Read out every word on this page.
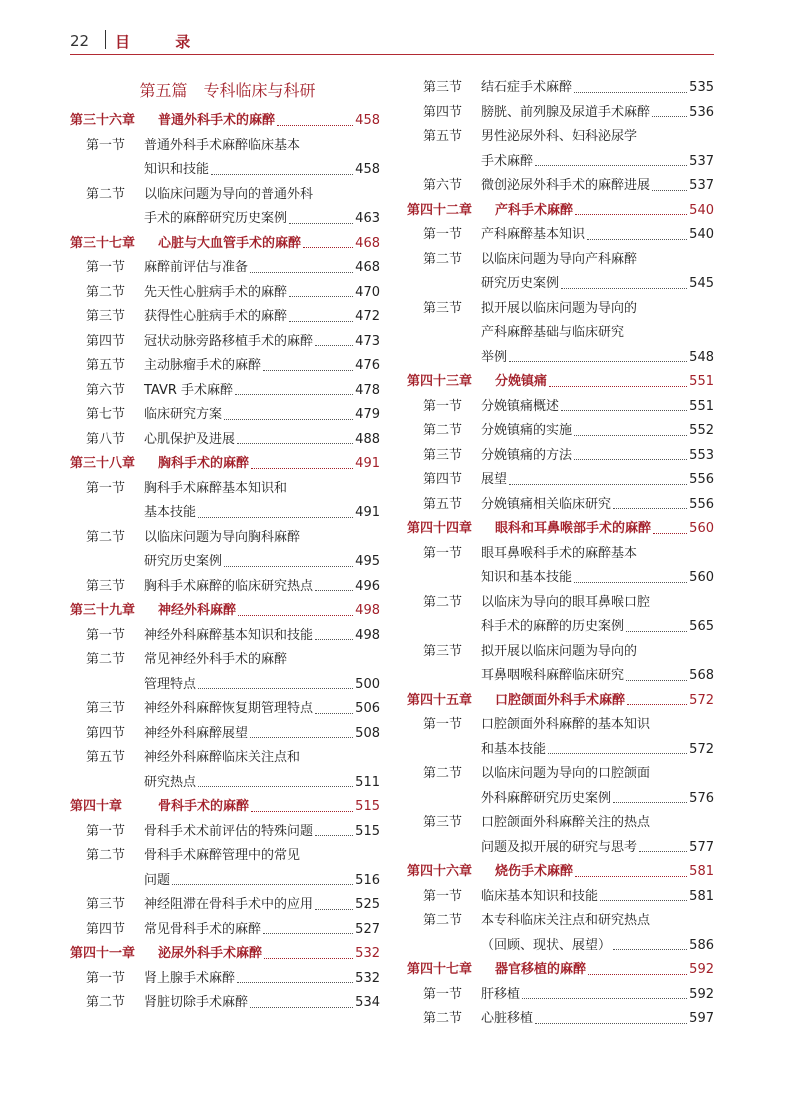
22 目 录
第五篇　专科临床与科研
第三十六章 普通外科手术的麻醉	458
第一节 普通外科手术麻醉临床基本
知识和技能	458
第二节 以临床问题为导向的普通外科
手术的麻醉研究历史案例	463
第三十七章 心脏与大血管手术的麻醉	468
第一节 麻醉前评估与准备	468
第二节 先天性心脏病手术的麻醉	470
第三节 获得性心脏病手术的麻醉	472
第四节 冠状动脉旁路移植手术的麻醉	473
第五节 主动脉瘤手术的麻醉	476
第六节 TAVR 手术麻醉	478
第七节 临床研究方案	479
第八节 心肌保护及进展	488
第三十八章 胸科手术的麻醉	491
第一节 胸科手术麻醉基本知识和
基本技能	491
第二节 以临床问题为导向胸科麻醉
研究历史案例	495
第三节 胸科手术麻醉的临床研究热点	496
第三十九章 神经外科麻醉	498
第一节 神经外科麻醉基本知识和技能	498
第二节 常见神经外科手术的麻醉
管理特点	500
第三节 神经外科麻醉恢复期管理特点	506
第四节 神经外科麻醉展望	508
第五节 神经外科麻醉临床关注点和
研究热点	511
第四十章	骨科手术的麻醉	515
第一节 骨科手术术前评估的特殊问题	515
第二节 骨科手术麻醉管理中的常见
问题	516
第三节 神经阻滞在骨科手术中的应用	525
第四节 常见骨科手术的麻醉	527
第四十一章 泌尿外科手术麻醉	532
第一节 肾上腺手术麻醉	532
第二节 肾脏切除手术麻醉	534
第三节 结石症手术麻醉	535
第四节 膀胱、前列腺及尿道手术麻醉	536
第五节 男性泌尿外科、妇科泌尿学
手术麻醉	537
第六节 微创泌尿外科手术的麻醉进展	537
第四十二章 产科手术麻醉	540
第一节 产科麻醉基本知识	540
第二节 以临床问题为导向产科麻醉
研究历史案例	545
第三节 拟开展以临床问题为导向的
产科麻醉基础与临床研究
举例	548
第四十三章 分娩镇痛	551
第一节 分娩镇痛概述	551
第二节 分娩镇痛的实施	552
第三节 分娩镇痛的方法	553
第四节 展望	556
第五节 分娩镇痛相关临床研究	556
第四十四章 眼科和耳鼻喉部手术的麻醉	560
第一节 眼耳鼻喉科手术的麻醉基本
知识和基本技能	560
第二节 以临床为导向的眼耳鼻喉口腔
科手术的麻醉的历史案例	565
第三节 拟开展以临床问题为导向的
耳鼻咽喉科麻醉临床研究	568
第四十五章 口腔颌面外科手术麻醉	572
第一节 口腔颌面外科麻醉的基本知识
和基本技能	572
第二节 以临床问题为导向的口腔颌面
外科麻醉研究历史案例	576
第三节 口腔颌面外科麻醉关注的热点
问题及拟开展的研究与思考	577
第四十六章 烧伤手术麻醉	581
第一节 临床基本知识和技能	581
第二节 本专科临床关注点和研究热点
（回顾、现状、展望）	586
第四十七章 器官移植的麻醉	592
第一节 肝移植	592
第二节 心脏移植	597
